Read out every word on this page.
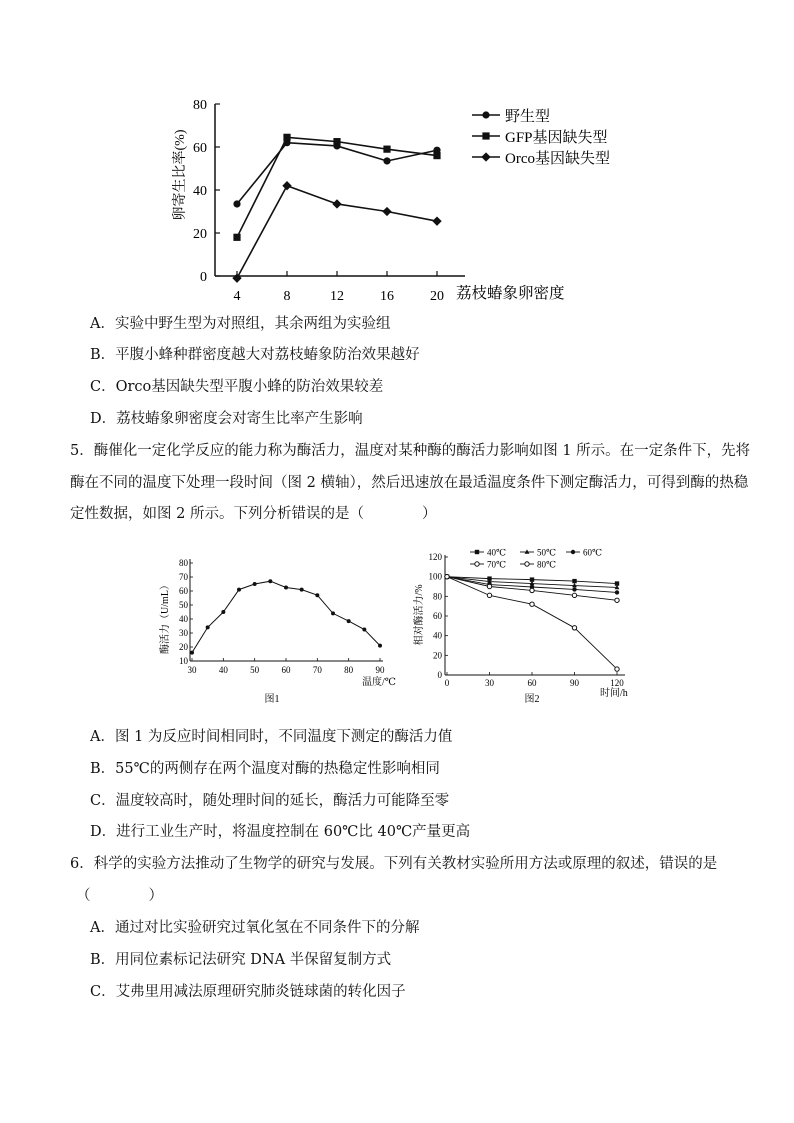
0
20
40
60
80
4	8	12	16	20
野生型
GFP基因缺失型
Orco基因缺失型
卵寄生比率(%)
荔枝蝽象卵密度
A．实验中野生型为对照组，其余两组为实验组
B．平腹小蜂种群密度越大对荔枝蝽象防治效果越好
C．Orco基因缺失型平腹小蜂的防治效果较差
D．荔枝蝽象卵密度会对寄生比率产生影响
5．酶催化一定化学反应的能力称为酶活力，温度对某种酶的酶活力影响如图 1 所示。在一定条件下，先将
酶在不同的温度下处理一段时间（图 2 横轴），然后迅速放在最适温度条件下测定酶活力，可得到酶的热稳
定性数据，如图 2 所示。下列分析错误的是（　　　　）
10
20
30
40
50
60
70
80
30 40 50 60 70 80 90
酶活力（U/mL）
温度/℃
图1
0
20
40
60
80
100
120
0	30	60	90	120
40℃	50℃	60℃
70℃	80℃
相对酶活力/%
时间/h
图2
A．图 1 为反应时间相同时，不同温度下测定的酶活力值
B．55℃的两侧存在两个温度对酶的热稳定性影响相同
C．温度较高时，随处理时间的延长，酶活力可能降至零
D．进行工业生产时，将温度控制在 60℃比 40℃产量更高
6．科学的实验方法推动了生物学的研究与发展。下列有关教材实验所用方法或原理的叙述，错误的是
（　　　　）
A．通过对比实验研究过氧化氢在不同条件下的分解
B．用同位素标记法研究 DNA 半保留复制方式
C．艾弗里用减法原理研究肺炎链球菌的转化因子
